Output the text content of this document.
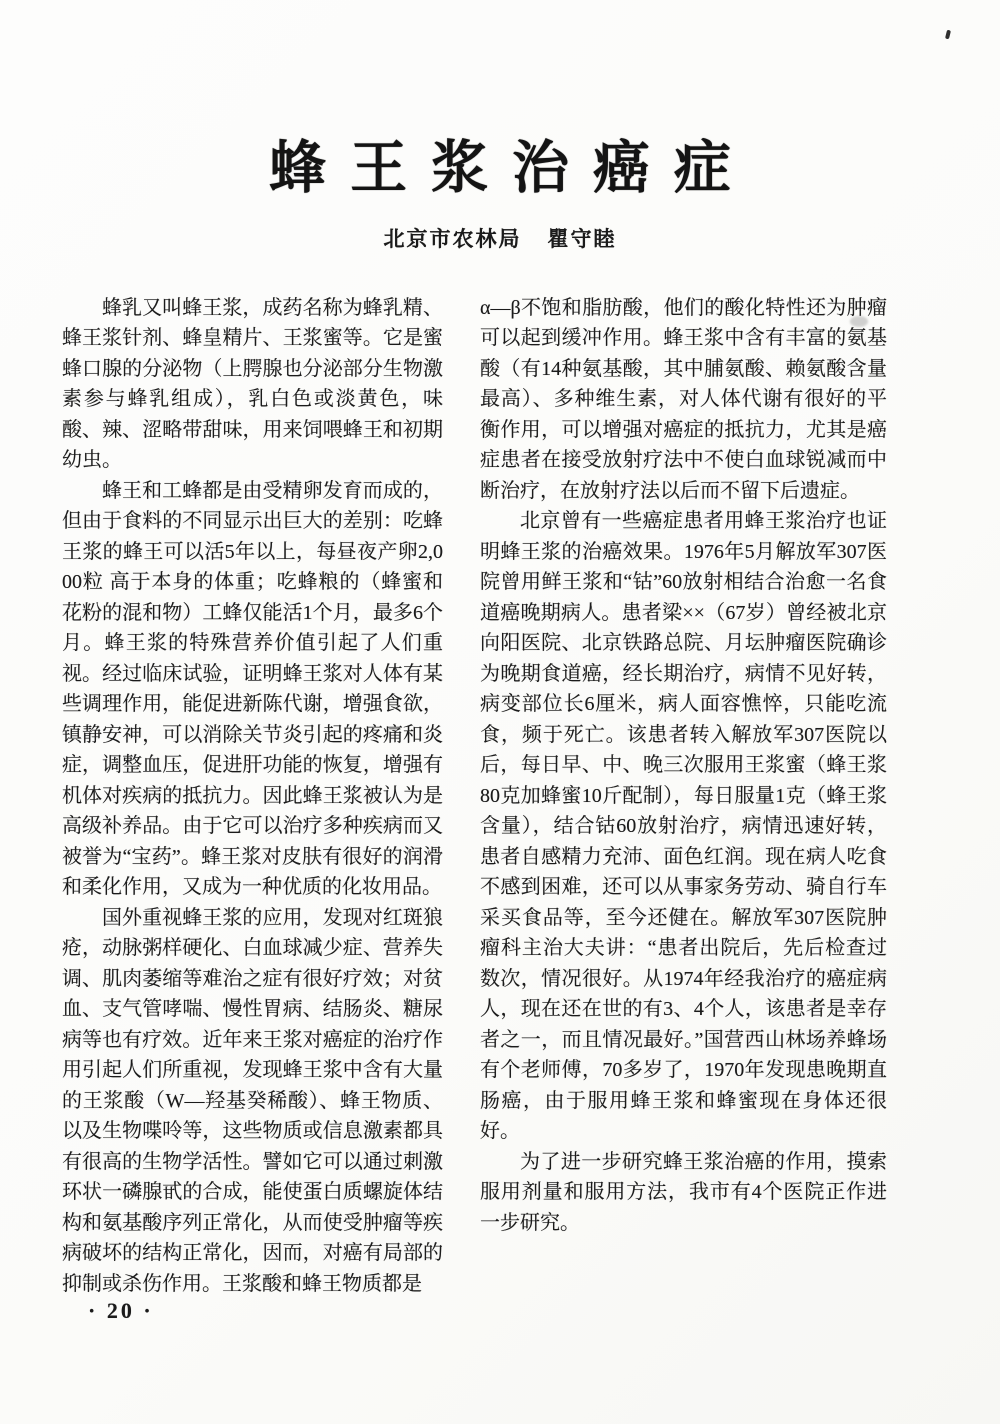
蜂王浆治癌症
北京市农林局 瞿守睦

蜂乳又叫蜂王浆，成药名称为蜂乳精、蜂王浆针剂、蜂皇精片、王浆蜜等。它是蜜蜂口腺的分泌物（上腭腺也分泌部分生物激素参与蜂乳组成），乳白色或淡黄色，味酸、辣、涩略带甜味，用来饲喂蜂王和初期幼虫。

蜂王和工蜂都是由受精卵发育而成的，但由于食料的不同显示出巨大的差别：吃蜂王浆的蜂王可以活5年以上，每昼夜产卵2,000粒 高于本身的体重；吃蜂粮的（蜂蜜和花粉的混和物）工蜂仅能活1个月，最多6个月。蜂王浆的特殊营养价值引起了人们重视。经过临床试验，证明蜂王浆对人体有某些调理作用，能促进新陈代谢，增强食欲，镇静安神，可以消除关节炎引起的疼痛和炎症，调整血压，促进肝功能的恢复，增强有机体对疾病的抵抗力。因此蜂王浆被认为是高级补养品。由于它可以治疗多种疾病而又被誉为“宝药”。蜂王浆对皮肤有很好的润滑和柔化作用，又成为一种优质的化妆用品。

国外重视蜂王浆的应用，发现对红斑狼疮，动脉粥样硬化、白血球减少症、营养失调、肌肉萎缩等难治之症有很好疗效；对贫血、支气管哮喘、慢性胃病、结肠炎、糖尿病等也有疗效。近年来王浆对癌症的治疗作用引起人们所重视，发现蜂王浆中含有大量的王浆酸（W—羟基癸稀酸）、蜂王物质、以及生物喋呤等，这些物质或信息激素都具有很高的生物学活性。譬如它可以通过刺激环状一磷腺甙的合成，能使蛋白质螺旋体结构和氨基酸序列正常化，从而使受肿瘤等疾病破坏的结构正常化，因而，对癌有局部的抑制或杀伤作用。王浆酸和蜂王物质都是

α—β不饱和脂肪酸，他们的酸化特性还为肿瘤可以起到缓冲作用。蜂王浆中含有丰富的氨基酸（有14种氨基酸，其中脯氨酸、赖氨酸含量最高）、多种维生素，对人体代谢有很好的平衡作用，可以增强对癌症的抵抗力，尤其是癌症患者在接受放射疗法中不使白血球锐减而中断治疗，在放射疗法以后而不留下后遗症。

北京曾有一些癌症患者用蜂王浆治疗也证明蜂王浆的治癌效果。1976年5月解放军307医院曾用鲜王浆和“钴”60放射相结合治愈一名食道癌晚期病人。患者梁××（67岁）曾经被北京向阳医院、北京铁路总院、月坛肿瘤医院确诊为晚期食道癌，经长期治疗，病情不见好转，病变部位长6厘米，病人面容憔悴，只能吃流食，频于死亡。该患者转入解放军307医院以后，每日早、中、晚三次服用王浆蜜（蜂王浆80克加蜂蜜10斤配制），每日服量1克（蜂王浆含量），结合钴60放射治疗，病情迅速好转，患者自感精力充沛、面色红润。现在病人吃食不感到困难，还可以从事家务劳动、骑自行车采买食品等，至今还健在。解放军307医院肿瘤科主治大夫讲：“患者出院后，先后检查过数次，情况很好。从1974年经我治疗的癌症病人，现在还在世的有3、4个人，该患者是幸存者之一，而且情况最好。”国营西山林场养蜂场有个老师傅，70多岁了，1970年发现患晚期直肠癌，由于服用蜂王浆和蜂蜜现在身体还很好。

为了进一步研究蜂王浆治癌的作用，摸索服用剂量和服用方法，我市有4个医院正作进一步研究。

· 20 ·
